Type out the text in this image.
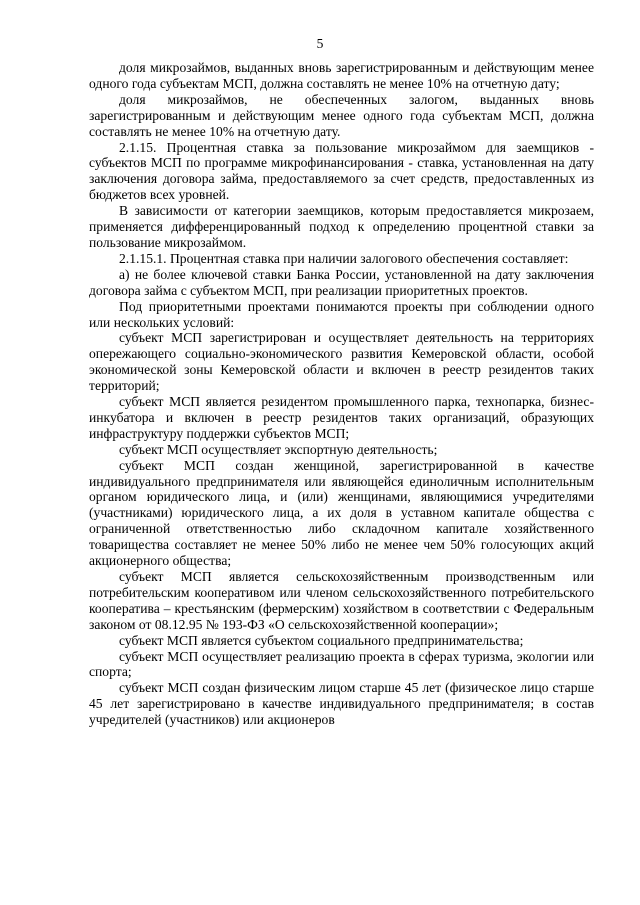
5

доля микрозаймов, выданных вновь зарегистрированным и действующим менее одного года субъектам МСП, должна составлять не менее 10% на отчетную дату;

доля микрозаймов, не обеспеченных залогом, выданных вновь зарегистрированным и действующим менее одного года субъектам МСП, должна составлять не менее 10% на отчетную дату.

2.1.15. Процентная ставка за пользование микрозаймом для заемщиков - субъектов МСП по программе микрофинансирования - ставка, установленная на дату заключения договора займа, предоставляемого за счет средств, предоставленных из бюджетов всех уровней.

В зависимости от категории заемщиков, которым предоставляется микрозаем, применяется дифференцированный подход к определению процентной ставки за пользование микрозаймом.

2.1.15.1. Процентная ставка при наличии залогового обеспечения составляет:

а) не более ключевой ставки Банка России, установленной на дату заключения договора займа с субъектом МСП, при реализации приоритетных проектов.

Под приоритетными проектами понимаются проекты при соблюдении одного или нескольких условий:

субъект МСП зарегистрирован и осуществляет деятельность на территориях опережающего социально-экономического развития Кемеровской области, особой экономической зоны Кемеровской области и включен в реестр резидентов таких территорий;

субъект МСП является резидентом промышленного парка, технопарка, бизнес-инкубатора и включен в реестр резидентов таких организаций, образующих инфраструктуру поддержки субъектов МСП;

субъект МСП осуществляет экспортную деятельность;

субъект МСП создан женщиной, зарегистрированной в качестве индивидуального предпринимателя или являющейся единоличным исполнительным органом юридического лица, и (или) женщинами, являющимися учредителями (участниками) юридического лица, а их доля в уставном капитале общества с ограниченной ответственностью либо складочном капитале хозяйственного товарищества составляет не менее 50% либо не менее чем 50% голосующих акций акционерного общества;

субъект МСП является сельскохозяйственным производственным или потребительским кооперативом или членом сельскохозяйственного потребительского кооператива – крестьянским (фермерским) хозяйством в соответствии с Федеральным законом от 08.12.95 № 193-ФЗ «О сельскохозяйственной кооперации»;

субъект МСП является субъектом социального предпринимательства;

субъект МСП осуществляет реализацию проекта в сферах туризма, экологии или спорта;

субъект МСП создан физическим лицом старше 45 лет (физическое лицо старше 45 лет зарегистрировано в качестве индивидуального предпринимателя; в состав учредителей (участников) или акционеров
